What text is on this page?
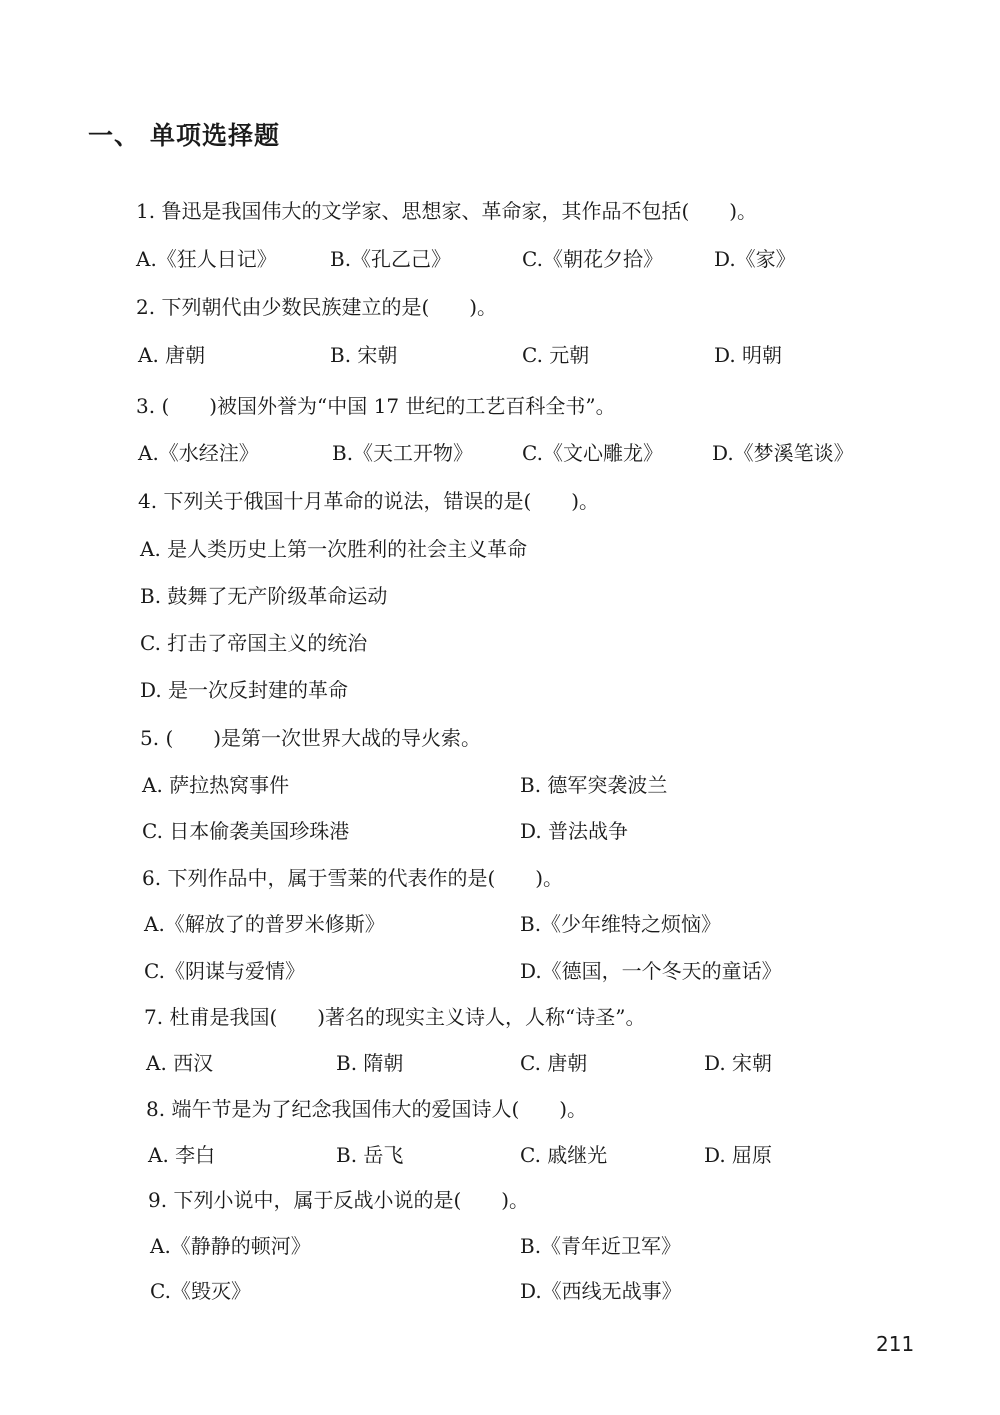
一、 单项选择题
1. 鲁迅是我国伟大的文学家、思想家、革命家，其作品不包括(　　)。
A.《狂人日记》	B.《孔乙己》	C.《朝花夕拾》	D.《家》
2. 下列朝代由少数民族建立的是(　　)。
A. 唐朝	B. 宋朝	C. 元朝	D. 明朝
3. (　　)被国外誉为“中国 17 世纪的工艺百科全书”。
A.《水经注》	B.《天工开物》 C.《文心雕龙》 D.《梦溪笔谈》
4. 下列关于俄国十月革命的说法，错误的是(　　)。
A. 是人类历史上第一次胜利的社会主义革命
B. 鼓舞了无产阶级革命运动
C. 打击了帝国主义的统治
D. 是一次反封建的革命
5. (　　)是第一次世界大战的导火索。
A. 萨拉热窝事件	B. 德军突袭波兰
C. 日本偷袭美国珍珠港	D. 普法战争
6. 下列作品中，属于雪莱的代表作的是(　　)。
A.《解放了的普罗米修斯》	B.《少年维特之烦恼》
C.《阴谋与爱情》	D.《德国，一个冬天的童话》
7. 杜甫是我国(　　)著名的现实主义诗人，人称“诗圣”。
A. 西汉	B. 隋朝	C. 唐朝	D. 宋朝
8. 端午节是为了纪念我国伟大的爱国诗人(　　)。
A. 李白	B. 岳飞	C. 戚继光	D. 屈原
9. 下列小说中，属于反战小说的是(　　)。
A.《静静的顿河》	B.《青年近卫军》
C.《毁灭》	D.《西线无战事》
211
